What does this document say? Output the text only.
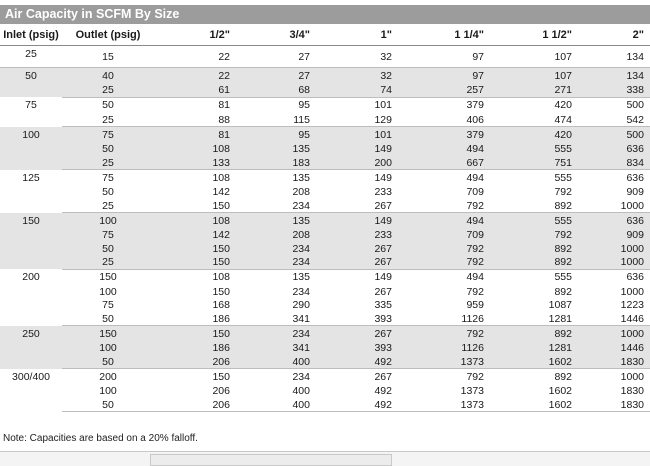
Air Capacity in SCFM By Size
Inlet (psig)	Outlet (psig)	1/2"	3/4"	1"	1 1/4"	1 1/2"	2"
25	15	22	27	32	97	107	134
50	40	22	27	32	97	107	134
	25	61	68	74	257	271	338
75	50	81	95	101	379	420	500
	25	88	115	129	406	474	542
100	75	81	95	101	379	420	500
	50	108	135	149	494	555	636
	25	133	183	200	667	751	834
125	75	108	135	149	494	555	636
	50	142	208	233	709	792	909
	25	150	234	267	792	892	1000
150	100	108	135	149	494	555	636
	75	142	208	233	709	792	909
	50	150	234	267	792	892	1000
	25	150	234	267	792	892	1000
200	150	108	135	149	494	555	636
	100	150	234	267	792	892	1000
	75	168	290	335	959	1087	1223
	50	186	341	393	1126	1281	1446
250	150	150	234	267	792	892	1000
	100	186	341	393	1126	1281	1446
	50	206	400	492	1373	1602	1830
300/400	200	150	234	267	792	892	1000
	100	206	400	492	1373	1602	1830
	50	206	400	492	1373	1602	1830
Note: Capacities are based on a 20% falloff.
